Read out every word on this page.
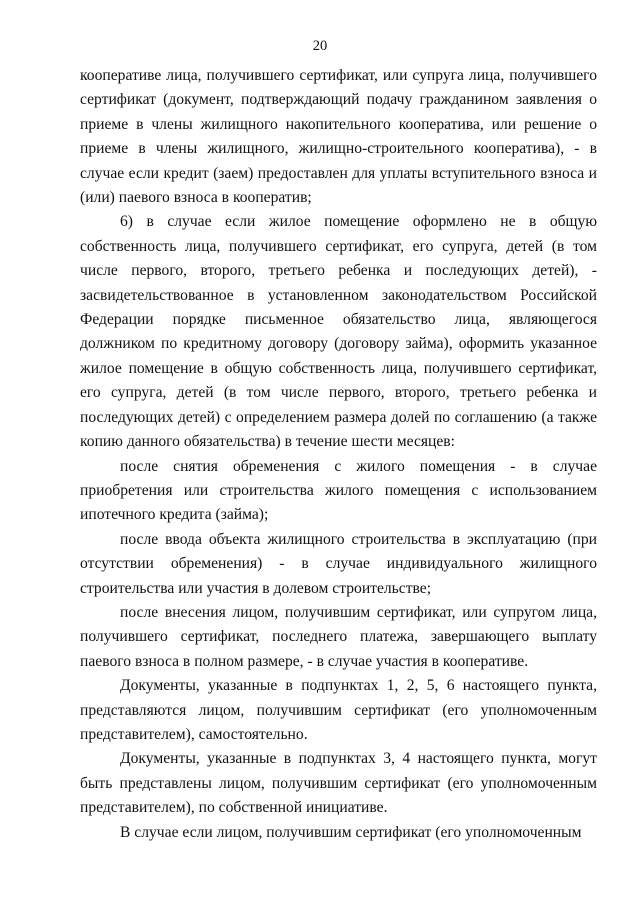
20

кооперативе лица, получившего сертификат, или супруга лица, получившего сертификат (документ, подтверждающий подачу гражданином заявления о приеме в члены жилищного накопительного кооператива, или решение о приеме в члены жилищного, жилищно-строительного кооператива), - в случае если кредит (заем) предоставлен для уплаты вступительного взноса и (или) паевого взноса в кооператив;

6) в случае если жилое помещение оформлено не в общую собственность лица, получившего сертификат, его супруга, детей (в том числе первого, второго, третьего ребенка и последующих детей), - засвидетельствованное в установленном законодательством Российской Федерации порядке письменное обязательство лица, являющегося должником по кредитному договору (договору займа), оформить указанное жилое помещение в общую собственность лица, получившего сертификат, его супруга, детей (в том числе первого, второго, третьего ребенка и последующих детей) с определением размера долей по соглашению (а также копию данного обязательства) в течение шести месяцев:

после снятия обременения с жилого помещения - в случае приобретения или строительства жилого помещения с использованием ипотечного кредита (займа);

после ввода объекта жилищного строительства в эксплуатацию (при отсутствии обременения) - в случае индивидуального жилищного строительства или участия в долевом строительстве;

после внесения лицом, получившим сертификат, или супругом лица, получившего сертификат, последнего платежа, завершающего выплату паевого взноса в полном размере, - в случае участия в кооперативе.

Документы, указанные в подпунктах 1, 2, 5, 6 настоящего пункта, представляются лицом, получившим сертификат (его уполномоченным представителем), самостоятельно.

Документы, указанные в подпунктах 3, 4 настоящего пункта, могут быть представлены лицом, получившим сертификат (его уполномоченным представителем), по собственной инициативе.

В случае если лицом, получившим сертификат (его уполномоченным
